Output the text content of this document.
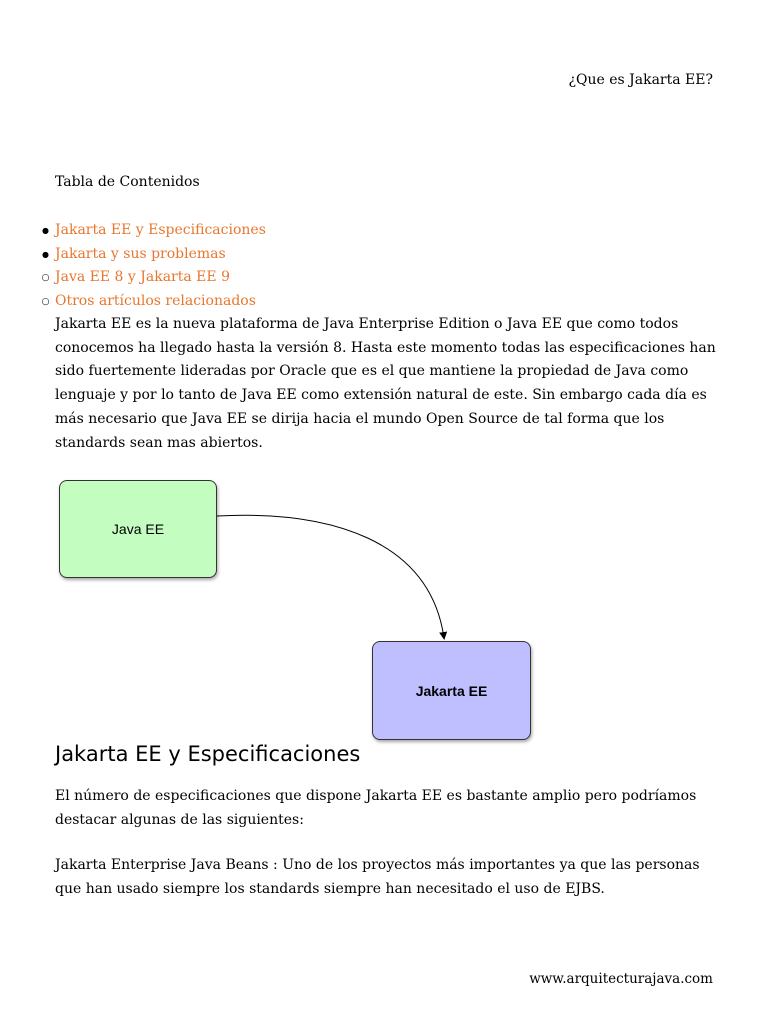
¿Que es Jakarta EE?
Tabla de Contenidos
●
Jakarta EE y Especificaciones
●
Jakarta y sus problemas
○
Java EE 8 y Jakarta EE 9
○
Otros artículos relacionados

Jakarta EE es la nueva plataforma de Java Enterprise Edition o Java EE que como todos conocemos ha llegado hasta la versión 8. Hasta este momento todas las especificaciones han sido fuertemente lideradas por Oracle que es el que mantiene la propiedad de Java como lenguaje y por lo tanto de Java EE como extensión natural de este. Sin embargo cada día es más necesario que Java EE se dirija hacia el mundo Open Source de tal forma que los standards sean mas abiertos.

Java EE
Jakarta EE
Jakarta EE y Especificaciones

El número de especificaciones que dispone Jakarta EE es bastante amplio pero podríamos destacar algunas de las siguientes:

Jakarta Enterprise Java Beans : Uno de los proyectos más importantes ya que las personas que han usado siempre los standards siempre han necesitado el uso de EJBS.

www.arquitecturajava.com
